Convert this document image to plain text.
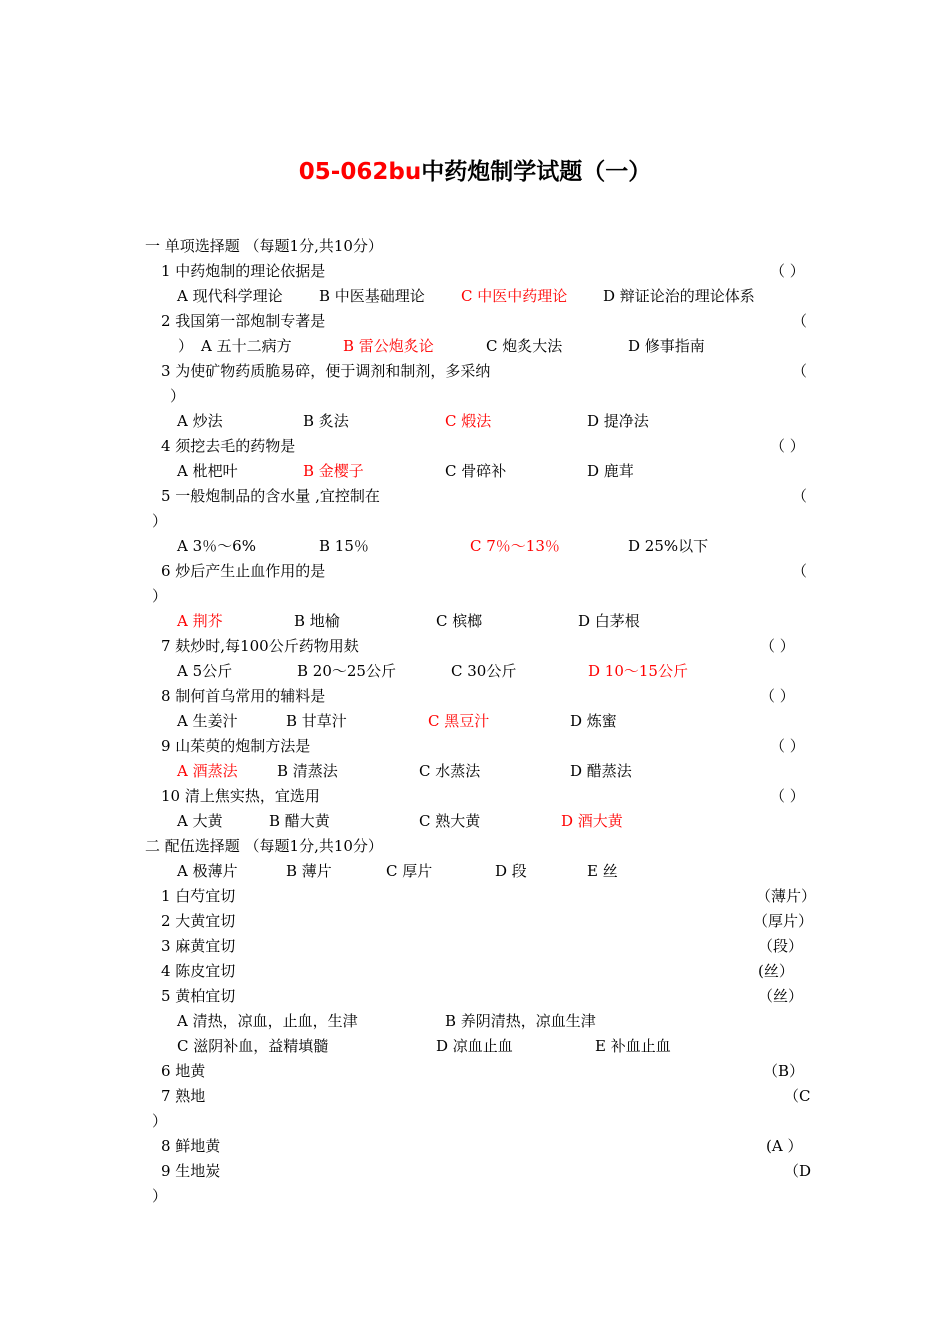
05-062bu中药炮制学试题（一）
一 单项选择题 （每题1分,共10分）
1 中药炮制的理论依据是	（ ）
A 现代科学理论 B 中医基础理论 C 中医中药理论 D 辩证论治的理论体系
2 我国第一部炮制专著是	（
） A 五十二病方	B 雷公炮炙论	C 炮炙大法	D 修事指南
3 为使矿物药质脆易碎，便于调剂和制剂，多采纳	（
）
A 炒法	B 炙法	C 煅法	D 提净法
4 须挖去毛的药物是	（ ）
A 枇杷叶	B 金樱子	C 骨碎补	D 鹿茸
5 一般炮制品的含水量 ,宜控制在	（
）
A 3％～6%	B 15％	C 7％～13％	D 25%以下
6 炒后产生止血作用的是	（
）
A 荆芥	B 地榆	C 槟榔	D 白茅根
7 麸炒时,每100公斤药物用麸	（ ）
A 5公斤	B 20～25公斤	C 30公斤	D 10～15公斤
8 制何首乌常用的辅料是	（ ）
A 生姜汁	B 甘草汁	C 黑豆汁	D 炼蜜
9 山茱萸的炮制方法是	（ ）
A 酒蒸法	B 清蒸法	C 水蒸法	D 醋蒸法
10 清上焦实热，宜选用	（ ）
A 大黄	B 醋大黄	C 熟大黄	D 酒大黄
二 配伍选择题 （每题1分,共10分）
A 极薄片	B 薄片	C 厚片	D 段	E 丝
1 白芍宜切	（薄片）
2 大黄宜切	（厚片）
3 麻黄宜切	（段）
4 陈皮宜切	(丝）
5 黄柏宜切	（丝）
A 清热，凉血，止血，生津	B 养阴清热，凉血生津
C 滋阴补血，益精填髓	D 凉血止血	E 补血止血
6 地黄	（B）
7 熟地	（C
）
8 鲜地黄	(A ）
9 生地炭	（D
）
